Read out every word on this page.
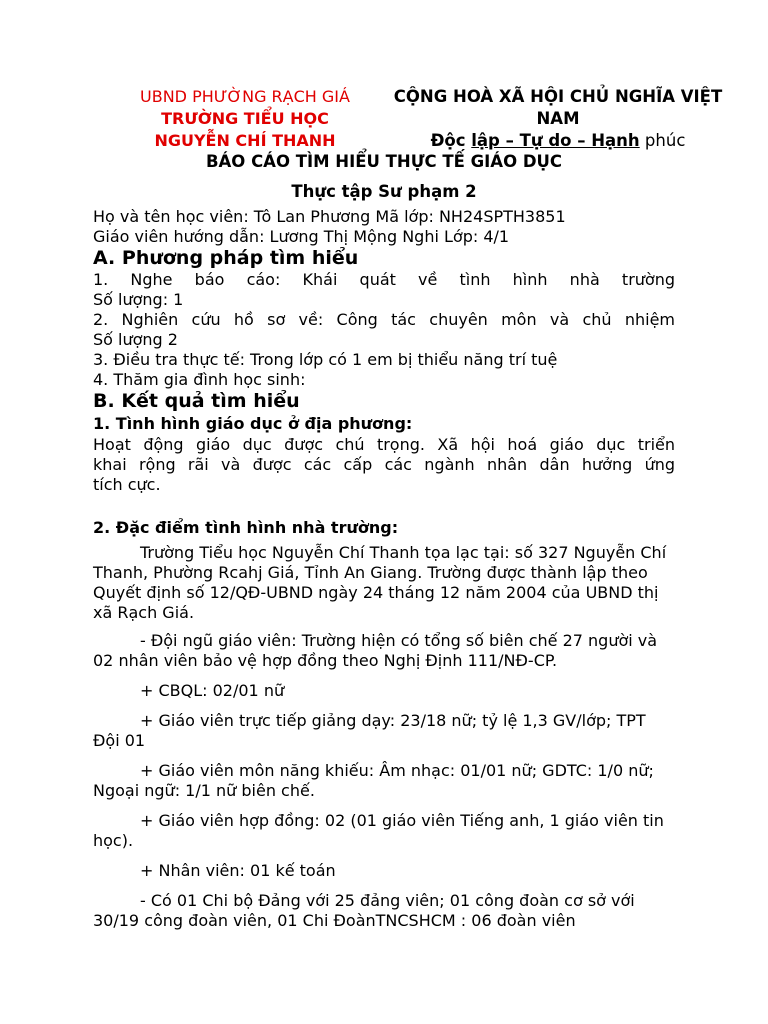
UBND PHƯỜNG RẠCH GIÁ
TRƯỜNG TIỂU HỌC
NGUYỄN CHÍ THANH
CỘNG HOÀ XÃ HỘI CHỦ NGHĨA VIỆT
NAM
Độc lập – Tự do – Hạnh phúc
BÁO CÁO TÌM HIỂU THỰC TẾ GIÁO DỤC
Thực tập Sư phạm 2

Họ và tên học viên: Tô Lan Phương Mã lớp: NH24SPTH3851

Giáo viên hướng dẫn: Lương Thị Mộng Nghi Lớp: 4/1

A. Phương pháp tìm hiểu

1. Nghe báo cáo: Khái quát về tình hình nhà trường

Số lượng: 1

2. Nghiên cứu hồ sơ về: Công tác chuyên môn và chủ nhiệm

Số lượng 2

3. Điều tra thực tế: Trong lớp có 1 em bị thiểu năng trí tuệ

4. Thăm gia đình học sinh:

B. Kết quả tìm hiểu

1. Tình hình giáo dục ở địa phương:

Hoạt động giáo dục được chú trọng. Xã hội hoá giáo dục triển

khai rộng rãi và được các cấp các ngành nhân dân hưởng ứng

tích cực.

2. Đặc điểm tình hình nhà trường:

Trường Tiểu học Nguyễn Chí Thanh tọa lạc tại: số 327 Nguyễn Chí Thanh, Phường Rcahj Giá, Tỉnh An Giang. Trường được thành lập theo Quyết định số 12/QĐ-UBND ngày 24 tháng 12 năm 2004 của UBND thị xã Rạch Giá.

- Đội ngũ giáo viên: Trường hiện có tổng số biên chế 27 người và 02 nhân viên bảo vệ hợp đồng theo Nghị Định 111/NĐ-CP.

+ CBQL: 02/01 nữ

+ Giáo viên trực tiếp giảng dạy: 23/18 nữ; tỷ lệ 1,3 GV/lớp; TPT Đội 01

+ Giáo viên môn năng khiếu: Âm nhạc: 01/01 nữ; GDTC: 1/0 nữ; Ngoại ngữ: 1/1 nữ biên chế.

+ Giáo viên hợp đồng: 02 (01 giáo viên Tiếng anh, 1 giáo viên tin học).

+ Nhân viên: 01 kế toán

- Có 01 Chi bộ Đảng với 25 đảng viên; 01 công đoàn cơ sở với 30/19 công đoàn viên, 01 Chi ĐoànTNCSHCM : 06 đoàn viên
